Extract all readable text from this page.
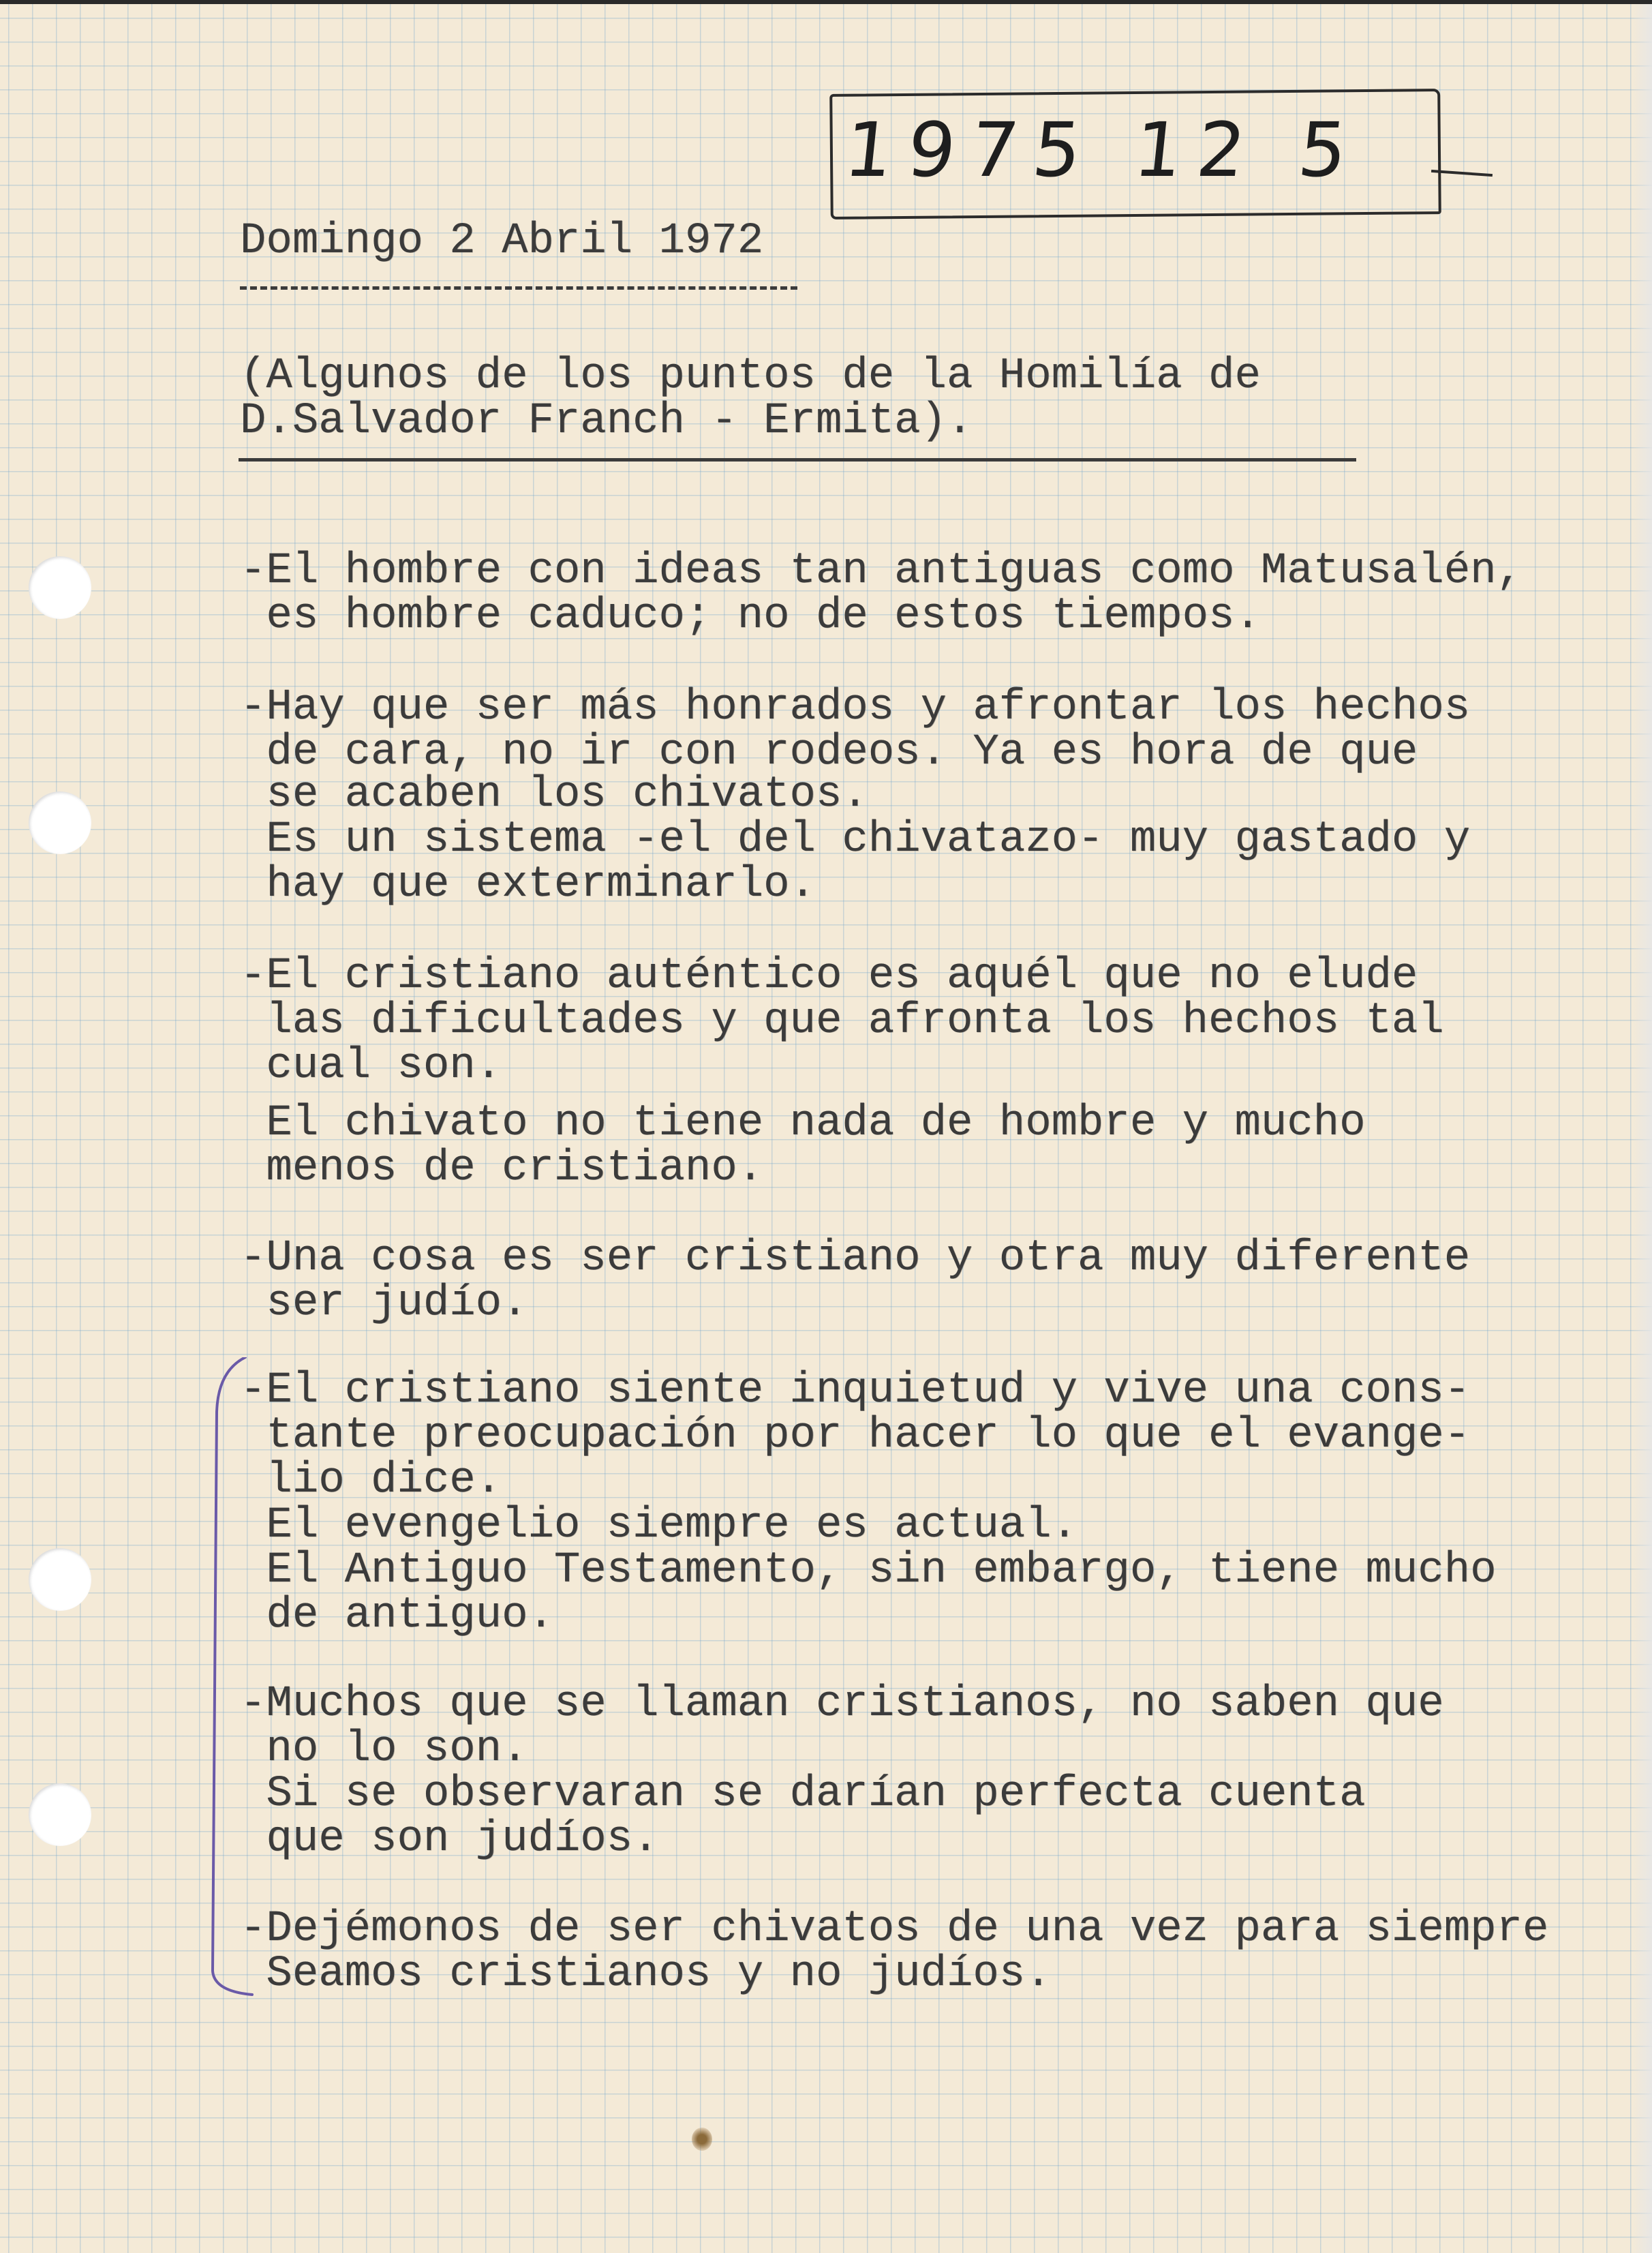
1975 12 5
Domingo 2 Abril 1972
(Algunos de los puntos de la Homilía de
D.Salvador Franch - Ermita).
-El hombre con ideas tan antiguas como Matusalén,
es hombre caduco; no de estos tiempos.
-Hay que ser más honrados y afrontar los hechos
de cara, no ir con rodeos. Ya es hora de que
se acaben los chivatos.
Es un sistema -el del chivatazo- muy gastado y
hay que exterminarlo.
-El cristiano auténtico es aquél que no elude
las dificultades y que afronta los hechos tal
cual son.
El chivato no tiene nada de hombre y mucho
menos de cristiano.
-Una cosa es ser cristiano y otra muy diferente
ser judío.
-El cristiano siente inquietud y vive una cons-
tante preocupación por hacer lo que el evange-
lio dice.
El evengelio siempre es actual.
El Antiguo Testamento, sin embargo, tiene mucho
de antiguo.
-Muchos que se llaman cristianos, no saben que
no lo son.
Si se observaran se darían perfecta cuenta
que son judíos.
-Dejémonos de ser chivatos de una vez para siempre
Seamos cristianos y no judíos.
